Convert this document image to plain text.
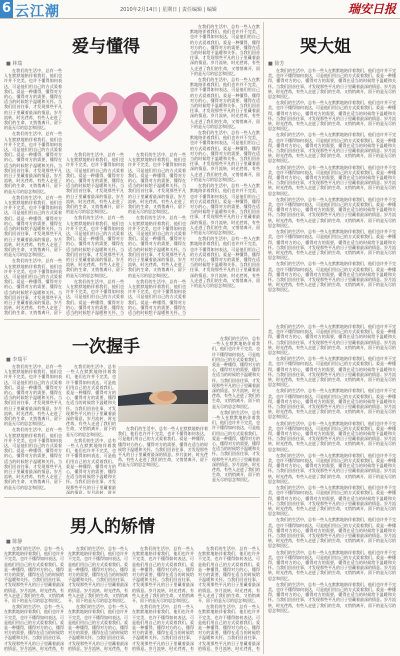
6 云江潮	2010年2月14日 | 星期日 | 责任编辑 | 编辑	瑞安日报
爱与懂得
■ 林瑞

在我们的生活中，总有一些人在默默地陪伴着我们，他们也许并不完美，也许不懂得如何表达，可是他们用自己的方式爱着我们。爱是一种懂得，懂得对方的心，懂得对方的需要，懂得在适当的时候给予温暖和关怀。当我们回首往事，才发现那些平凡的日子里藏着最深的情意。岁月流转，时光荏苒，有些人走进了我们的生命，又悄悄离开，留下的是无尽的思念和回忆。

在我们的生活中，总有一些人在默默地陪伴着我们，他们也许并不完美，也许不懂得如何表达，可是他们用自己的方式爱着我们。爱是一种懂得，懂得对方的心，懂得对方的需要，懂得在适当的时候给予温暖和关怀。当我们回首往事，才发现那些平凡的日子里藏着最深的情意。岁月流转，时光荏苒，有些人走进了我们的生命，又悄悄离开，留下的是无尽的思念和回忆。

在我们的生活中，总有一些人在默默地陪伴着我们，他们也许并不完美，也许不懂得如何表达，可是他们用自己的方式爱着我们。爱是一种懂得，懂得对方的心，懂得对方的需要，懂得在适当的时候给予温暖和关怀。当我们回首往事，才发现那些平凡的日子里藏着最深的情意。岁月流转，时光荏苒，有些人走进了我们的生命，又悄悄离开，留下的是无尽的思念和回忆。

在我们的生活中，总有一些人在默默地陪伴着我们，他们也许并不完美，也许不懂得如何表达，可是他们用自己的方式爱着我们。爱是一种懂得，懂得对方的心，懂得对方的需要，懂得在适当的时候给予温暖和关怀。当我们回首往事，才发现那些平凡的日子里藏着最深的情意。岁月流转，时光荏苒，有些人走进了我们的生命，又悄悄离开，留下

在我们的生活中，总有一些人在默默地陪伴着我们，他们也许并不完美，也许不懂得如何表达，可是他们用自己的方式爱着我们。爱是一种懂得，懂得对方的心，懂得对方的需要，懂得在适当的时候给予温暖和关怀。当我们回首往事，才发现那些平凡的日子里藏着最深的情意。岁月流转，时光荏苒，有些人走进了我们的生命，又悄悄离开，留下的是无尽的思念和回忆。

在我们的生活中，总有一些人在默默地陪伴着我们，他们也许并不完美，也许不懂得如何表达，可是他们用自己的方式爱着我们。爱是一种懂得，懂得对方的心，懂得对方的需要，懂得在适当的时候给予温暖和关怀。当我们回首往事，才发现那些平凡的日子里藏着最深的情意。岁月流转，时光荏苒，有些人走进了我们的生命，又悄悄离开，留下的是无尽的思念和回忆。

在我们的生活中，总有一些人在默默地陪伴着我们，他们也许并不完美，也许不懂得如何表达，可是他们用自己的方式爱着我们。爱是一种懂得，懂得对方的心，懂得对方的需要，懂得在适当的时候给予温暖和关怀。当

在我们的生活中，总有一些人在默默地陪伴着我们，他们也许并不完美，也许不懂得如何表达，可是他们用自己的方式爱着我们。爱是一种懂得，懂得对方的心，懂得对方的需要，懂得在适当的时候给予温暖和关怀。当我们回首往事，才发现那些平凡的日子里藏着最深的情意。岁月流转，时光荏苒，有些人走进了我们的生命，又悄悄离开，留下的是无尽的思念和回忆。

在我们的生活中，总有一些人在默默地陪伴着我们，他们也许并不完美，也许不懂得如何表达，可是他们用自己的方式爱着我们。爱是一种懂得，懂得对方的心，懂得对方的需要，懂得在适当的时候给予温暖和关怀。当我们回首往事，才发现那些平凡的日子里藏着最深的情意。岁月流转，时光荏苒，有些人走进了我们的生命，又悄悄离开，留下的是无尽的思念和回忆。

在我们的生活中，总有一些人在默默地陪伴着我们，他们也许并不完美，也许不懂得如何表达，可是他们用自己的方式爱着我们。爱是一种懂得，懂得对方的心，懂得对方的需要，懂得在适当的时候给予温暖和关怀。当

在我们的生活中，总有一些人在默默地陪伴着我们，他们也许并不完美，也许不懂得如何表达，可是他们用自己的方式爱着我们。爱是一种懂得，懂得对方的心，懂得对方的需要，懂得在适当的时候给予温暖和关怀。当我们回首往事，才发现那些平凡的日子里藏着最深的情意。岁月流转，时光荏苒，有些人走进了我们的生命，又悄悄离开，留下的是无尽的思念和回忆。

在我们的生活中，总有一些人在默默地陪伴着我们，他们也许并不完美，也许不懂得如何表达，可是他们用自己的方式爱着我们。爱是一种懂得，懂得对方的心，懂得对方的需要，懂得在适当的时候给予温暖和关怀。当我们回首往事，才发现那些平凡的日子里藏着最深的情意。岁月流转，时光荏苒，有些人走进了我们的生命，又悄悄离开，留下的是无尽的思念和回忆。

在我们的生活中，总有一些人在默默地陪伴着我们，他们也许并不完美，也许不懂得如何表达，可是他们用自己的方式爱着我们。爱是一种懂得，懂得对方的心，懂得对方的需要，懂得在适当的时候给予温暖和关怀。当我们回首往事，才发现那些平凡的日子里藏着最深的情意。岁月流转，时光荏苒，有些人走进了我们的生命，又悄悄离开，留下的是无尽的思念和回忆。

在我们的生活中，总有一些人在默默地陪伴着我们，他们也许并不完美，也许不懂得如何表达，可是他们用自己的方式爱着我们。爱是一种懂得，懂得对方的心，懂得对方的需要，懂得在适当的时候给予温暖和关怀。当我们回首往事，才发现那些平凡的日子里藏着最深的情意。岁月流转，时光荏苒，有些人走进了我们的生命，又悄悄离开，留下的是无尽的思念和回忆。

在我们的生活中，总有一些人在默默地陪伴着我们，他们也许并不完美，也许不懂得如何表达，可是他们用自己的方式爱着我们。爱是一种懂得，懂得对方的心，懂得对方的需要，懂得在适当的时候给予温暖和关怀。当我们回首往事，才发现那些平凡的日子里藏着最深的情意。岁月流转，时光荏苒，有些人走进了我们的生命，又悄悄离开，留下的是无尽的思念和回忆。

哭大姐
■ 徐芳

在我们的生活中，总有一些人在默默地陪伴着我们，他们也许并不完美，也许不懂得如何表达，可是他们用自己的方式爱着我们。爱是一种懂得，懂得对方的心，懂得对方的需要，懂得在适当的时候给予温暖和关怀。当我们回首往事，才发现那些平凡的日子里藏着最深的情意。岁月流转，时光荏苒，有些人走进了我们的生命，又悄悄离开，留下的是无尽的思念和回忆。

在我们的生活中，总有一些人在默默地陪伴着我们，他们也许并不完美，也许不懂得如何表达，可是他们用自己的方式爱着我们。爱是一种懂得，懂得对方的心，懂得对方的需要，懂得在适当的时候给予温暖和关怀。当我们回首往事，才发现那些平凡的日子里藏着最深的情意。岁月流转，时光荏苒，有些人走进了我们的生命，又悄悄离开，留下的是无尽的思念和回忆。

在我们的生活中，总有一些人在默默地陪伴着我们，他们也许并不完美，也许不懂得如何表达，可是他们用自己的方式爱着我们。爱是一种懂得，懂得对方的心，懂得对方的需要，懂得在适当的时候给予温暖和关怀。当我们回首往事，才发现那些平凡的日子里藏着最深的情意。岁月流转，时光荏苒，有些人走进了我们的生命，又悄悄离开，留下的是无尽的思念和回忆。

在我们的生活中，总有一些人在默默地陪伴着我们，他们也许并不完美，也许不懂得如何表达，可是他们用自己的方式爱着我们。爱是一种懂得，懂得对方的心，懂得对方的需要，懂得在适当的时候给予温暖和关怀。当我们回首往事，才发现那些平凡的日子里藏着最深的情意。岁月流转，时光荏苒，有些人走进了我们的生命，又悄悄离开，留下的是无尽的思念和回忆。

在我们的生活中，总有一些人在默默地陪伴着我们，他们也许并不完美，也许不懂得如何表达，可是他们用自己的方式爱着我们。爱是一种懂得，懂得对方的心，懂得对方的需要，懂得在适当的时候给予温暖和关怀。当我们回首往事，才发现那些平凡的日子里藏着最深的情意。岁月流转，时光荏苒，有些人走进了我们的生命，又悄悄离开，留下的是无尽的思念和回忆。

在我们的生活中，总有一些人在默默地陪伴着我们，他们也许并不完美，也许不懂得如何表达，可是他们用自己的方式爱着我们。爱是一种懂得，懂得对方的心，懂得对方的需要，懂得在适当的时候给予温暖和关怀。当我们回首往事，才发现那些平凡的日子里藏着最深的情意。岁月流转，时光荏苒，有些人走进了我们的生命，又悄悄离开，留下的是无尽的思念和回忆。

在我们的生活中，总有一些人在默默地陪伴着我们，他们也许并不完美，也许不懂得如何表达，可是他们用自己的方式爱着我们。爱是一种懂得，懂得对方的心，懂得对方的需要，懂得在适当的时候给予温暖和关怀。当我们回首往事，才发现那些平凡的日子里藏着最深的情意。岁月流转，时光荏苒，有些人走进了我们的生命，又悄悄离开，留下的是无尽的思念和回忆。

一次握手
■ 李瑞平

在我们的生活中，总有一些人在默默地陪伴着我们，他们也许并不完美，也许不懂得如何表达，可是他们用自己的方式爱着我们。爱是一种懂得，懂得对方的心，懂得对方的需要，懂得在适当的时候给予温暖和关怀。当我们回首往事，才发现那些平凡的日子里藏着最深的情意。岁月流转，时光荏苒，有些人走进了我们的生命，又悄悄离开，留下的是无尽的思念和回忆。

在我们的生活中，总有一些人在默默地陪伴着我们，他们也许并不完美，也许不懂得如何表达，可是他们用自己的方式爱着我们。爱是一种懂得，懂得对方的心，懂得对方的需要，懂得在适当的时候给予温暖和关怀。当我们回首往事，才发现那些平凡的日子里藏着最深的情意。岁月流转，时光荏苒，有些人走进了我们的生命，又悄悄离开，留下的是无尽的思念和回忆。

在我们的生活中，总有一些人在默默地陪伴着我们，他们也许并不完美，也许不懂得如何表达，可是他们用自己的方式爱着我们。爱是一种懂得，懂得对方的心，懂得对方的需要，懂得在适当的时候给予温暖和关怀。当我们回首往事，才发现那些平凡的日子里藏着最深的情意。岁月流转，时光荏苒，有些人走进了我们的生命，又悄悄离开，留下的是无尽的思念和回忆。

在我们的生活中，总有一些人在默默地陪伴着我们，他们也许并不完美，也许不懂得如何表达，可是他们用自己的方式爱着我们。爱是一种懂得，懂得对方的心，懂得对方的需要，懂得在适当的时候给予温暖和关怀。当我们回首往事，才发现那些平凡的日子里藏着最深的情意。岁月流转，时光

在我们的生活中，总有一些人在默默地陪伴着我们，他们也许并不完美，也许不懂得如何表达，可是他们用自己的方式爱着我们。爱是一种懂得，懂得对方的心，懂得对方的需要，懂得在适当的时候给予温暖和关怀。当我们回首往事，才发现那些平凡的日子里藏着最深的情意。岁月流转，时光荏苒，有些人走进了我们的生命，又悄悄离开，留下的是无尽的思念和回忆。

在我们的生活中，总有一些人在默默地陪伴着我们，他们也许并不完美，也许不懂得如何表达，可是他们用自己的方式爱着我们。爱是一种懂得，懂得对方的心，懂得对方的需要，懂得在适当的时候给予温暖和关怀。当我们回首往事，才发现那些平凡的日子里藏着最深的情意。岁月流转，时光荏苒，有些人走进了我们的生命，又悄悄离开，留下的是无尽的思念和回忆。

在我们的生活中，总有一些人在默默地陪伴着我们，他们也许并不完美，也许不懂得如何表达，可是他们用自己的方式爱着我们。爱是一种懂得，懂得对方的心，懂得对方的需要，懂得在适当的时候给予温暖和关怀。当我们回首往事，才发现那些平凡的日子里藏着最深的情意。岁月流转，时光荏苒，有些人走进了我们的生命，又悄悄离开，留下的是无尽的思念和回忆。

在我们的生活中，总有一些人在默默地陪伴着我们，他们也许并不完美，也许不懂得如何表达，可是他们用自己的方式爱着我们。爱是一种懂得，懂得对方的心，懂得对方的需要，懂得在适当的时候给予温暖和关怀。当我们回首往事，才发现那些平凡的日子里藏着最深的情意。岁月流转，时光荏苒，有些人走进了我们的生命，又悄悄离开，留下的是无尽的思念和回忆。

在我们的生活中，总有一些人在默默地陪伴着我们，他们也许并不完美，也许不懂得如何表达，可是他们用自己的方式爱着我们。爱是一种懂得，懂得对方的心，懂得对方的需要，懂得在适当的时候给予温暖和关怀。当我们回首往事，才发现那些平凡的日子里藏着最深的情意。岁月流转，时光荏苒，有些人走进了我们的生命，又悄悄离开，留下的是无尽的思念和回忆。

在我们的生活中，总有一些人在默默地陪伴着我们，他们也许并不完美，也许不懂得如何表达，可是他们用自己的方式爱着我们。爱是一种懂得，懂得对方的心，懂得对方的需要，懂得在适当的时候给予温暖和关怀。当我们回首往事，才发现那些平凡的日子里藏着最深的情意。岁月流转，时光荏苒，有些人走进了我们的生命，又悄悄离开，留下的是无尽的思念和回忆。

在我们的生活中，总有一些人在默默地陪伴着我们，他们也许并不完美，也许不懂得如何表达，可是他们用自己的方式爱着我们。爱是一种懂得，懂得对方的心，懂得对方的需要，懂得在适当的时候给予温暖和关怀。当我们回首往事，才发现那些平凡的日子里藏着最深的情意。岁月流转，时光荏苒，有些人走进了我们的生命，又悄悄离开，留下的是无尽的思念和回忆。

在我们的生活中，总有一些人在默默地陪伴着我们，他们也许并不完美，也许不懂得如何表达，可是他们用自己的方式爱着我们。爱是一种懂得，懂得对方的心，懂得对方的需要，懂得在适当的时候给予温暖和关怀。当我们回首往事，才发现那些平凡的日子里藏着最深的情意。岁月流转，时光荏苒，有些人走进了我们的生命，又悄悄离开，留下的是无尽的思念和回忆。

在我们的生活中，总有一些人在默默地陪伴着我们，他们也许并不完美，也许不懂得如何表达，可是他们用自己的方式爱着我们。爱是一种懂得，懂得对方的心，懂得对方的需要，懂得在适当的时候给予温暖和关怀。当我们回首往事，才发现那些平凡的日子里藏着最深的情意。岁月流转，时光荏苒，有些人走进了我们的生命，又悄悄离开，留下的是无尽的思念和回忆。

在我们的生活中，总有一些人在默默地陪伴着我们，他们也许并不完美，也许不懂得如何表达，可是他们用自己的方式爱着我们。爱是一种懂得，懂得对方的心，懂得对方的需要，懂得在适当的时候给予温暖和关怀。当我们回首往事，才发现那些平凡的日子里藏着最深的情意。岁月流转，时光荏苒，有些人走进了我们的生命，又悄悄离开，留下的是无尽的思念和回忆。

在我们的生活中，总有一些人在默默地陪伴着我们，他们也许并不完美，也许不懂得如何表达，可是他们用自己的方式爱着我们。爱是一种懂得，懂得对方的心，懂得对方的需要，懂得在适当的时候给予温暖和关怀。当我们回首往事，才发现那些平凡的日子里藏着最深的情意。岁月流转，时光荏苒，有些人走进了我们的生命，又悄悄离开，留下的是无尽的思念和回忆。

在我们的生活中，总有一些人在默默地陪伴着我们，他们也许并不完美，也许不懂得如何表达，可是他们用自己的方式爱着我们。爱是一种懂得，懂得对方的心，懂得对方的需要，懂得在适当的时候给予温暖和关怀。当我们回首往事，才发现那些平凡的日子里藏着最深的情意。岁月流转，时光荏苒，有些人走进了我们的生命，又悄悄离开，留下的是无尽的思念和回忆。

男人的矫情
■ 陈静

在我们的生活中，总有一些人在默默地陪伴着我们，他们也许并不完美，也许不懂得如何表达，可是他们用自己的方式爱着我们。爱是一种懂得，懂得对方的心，懂得对方的需要，懂得在适当的时候给予温暖和关怀。当我们回首往事，才发现那些平凡的日子里藏着最深的情意。岁月流转，时光荏苒，有些人走进了我们的生命，又悄悄离开，留下的是无尽的思念和回忆。

在我们的生活中，总有一些人在默默地陪伴着我们，他们也许并不完美，也许不懂得如何表达，可是他们用自己的方式爱着我们。爱是一种懂得，懂得对方的心，懂得对方的需要，懂得在适当的时候给予温暖和关怀。当我们回首往事，才发现那些平凡的日子里藏着最深的情意。岁月流转，时光荏苒，有

在我们的生活中，总有一些人在默默地陪伴着我们，他们也许并不完美，也许不懂得如何表达，可是他们用自己的方式爱着我们。爱是一种懂得，懂得对方的心，懂得对方的需要，懂得在适当的时候给予温暖和关怀。当我们回首往事，才发现那些平凡的日子里藏着最深的情意。岁月流转，时光荏苒，有些人走进了我们的生命，又悄悄离开，留下的是无尽的思念和回忆。

在我们的生活中，总有一些人在默默地陪伴着我们，他们也许并不完美，也许不懂得如何表达，可是他们用自己的方式爱着我们。爱是一种懂得，懂得对方的心，懂得对方的需要，懂得在适当的时候给予温暖和关怀。当我们回首往事，才发现那些平凡的日子里藏着最深的情意。岁月流转，时光荏苒，有

在我们的生活中，总有一些人在默默地陪伴着我们，他们也许并不完美，也许不懂得如何表达，可是他们用自己的方式爱着我们。爱是一种懂得，懂得对方的心，懂得对方的需要，懂得在适当的时候给予温暖和关怀。当我们回首往事，才发现那些平凡的日子里藏着最深的情意。岁月流转，时光荏苒，有些人走进了我们的生命，又悄悄离开，留下的是无尽的思念和回忆。

在我们的生活中，总有一些人在默默地陪伴着我们，他们也许并不完美，也许不懂得如何表达，可是他们用自己的方式爱着我们。爱是一种懂得，懂得对方的心，懂得对方的需要，懂得在适当的时候给予温暖和关怀。当我们回首往事，才发现那些平凡的日子里藏着最深的情意。岁月流转，时光荏苒，有

在我们的生活中，总有一些人在默默地陪伴着我们，他们也许并不完美，也许不懂得如何表达，可是他们用自己的方式爱着我们。爱是一种懂得，懂得对方的心，懂得对方的需要，懂得在适当的时候给予温暖和关怀。当我们回首往事，才发现那些平凡的日子里藏着最深的情意。岁月流转，时光荏苒，有些人走进了我们的生命，又悄悄离开，留下的是无尽的思念和回忆。

在我们的生活中，总有一些人在默默地陪伴着我们，他们也许并不完美，也许不懂得如何表达，可是他们用自己的方式爱着我们。爱是一种懂得，懂得对方的心，懂得对方的需要，懂得在适当的时候给予温暖和关怀。当我们回首往事，才发现那些平凡的日子里藏着最深的情意。岁月流转，时光荏苒，有
